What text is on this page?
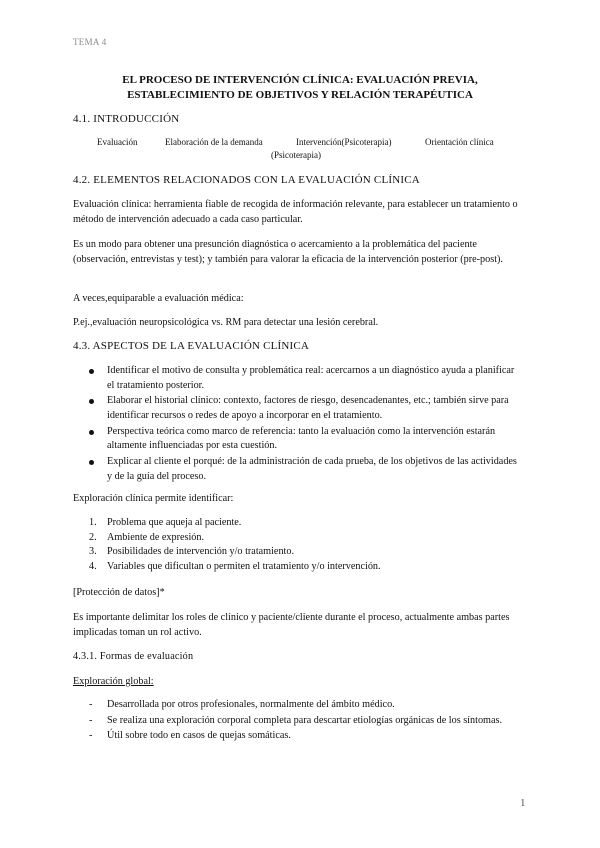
TEMA 4
EL PROCESO DE INTERVENCIÓN CLÍNICA: EVALUACIÓN PREVIA,
ESTABLECIMIENTO DE OBJETIVOS Y RELACIÓN TERAPÉUTICA
4.1. INTRODUCCIÓN
Evaluación	Elaboración de la demanda	Intervención(Psicoterapia)
(Psicoterapia)
Orientación clínica
4.2. ELEMENTOS RELACIONADOS CON LA EVALUACIÓN CLÍNICA
Evaluación clínica: herramienta fiable de recogida de información relevante, para establecer un tratamiento o método de intervención adecuado a cada caso particular.
Es un modo para obtener una presunción diagnóstica o acercamiento a la problemática del paciente (observación, entrevistas y test); y también para valorar la eficacia de la intervención posterior (pre-post).
A veces,equiparable a evaluación médica:
P.ej.,evaluación neuropsicológica vs. RM para detectar una lesión cerebral.
4.3. ASPECTOS DE LA EVALUACIÓN CLÍNICA
Identificar el motivo de consulta y problemática real: acercarnos a un diagnóstico ayuda a planificar el tratamiento posterior.
Elaborar el historial clínico: contexto, factores de riesgo, desencadenantes, etc.; también sirve para identificar recursos o redes de apoyo a incorporar en el tratamiento.
Perspectiva teórica como marco de referencia: tanto la evaluación como la intervención estarán altamente influenciadas por esta cuestión.
Explicar al cliente el porqué: de la administración de cada prueba, de los objetivos de las actividades y de la guía del proceso.
Exploración clínica permite identificar:
1. Problema que aqueja al paciente.
2. Ambiente de expresión.
3. Posibilidades de intervención y/o tratamiento.
4. Variables que dificultan o permiten el tratamiento y/o intervención.
[Protección de datos]*
Es importante delimitar los roles de clínico y paciente/cliente durante el proceso, actualmente ambas partes implicadas toman un rol activo.
4.3.1. Formas de evaluación
Exploración global:
- Desarrollada por otros profesionales, normalmente del ámbito médico.
- Se realiza una exploración corporal completa para descartar etiologías orgánicas de los síntomas.
- Útil sobre todo en casos de quejas somáticas.
1
